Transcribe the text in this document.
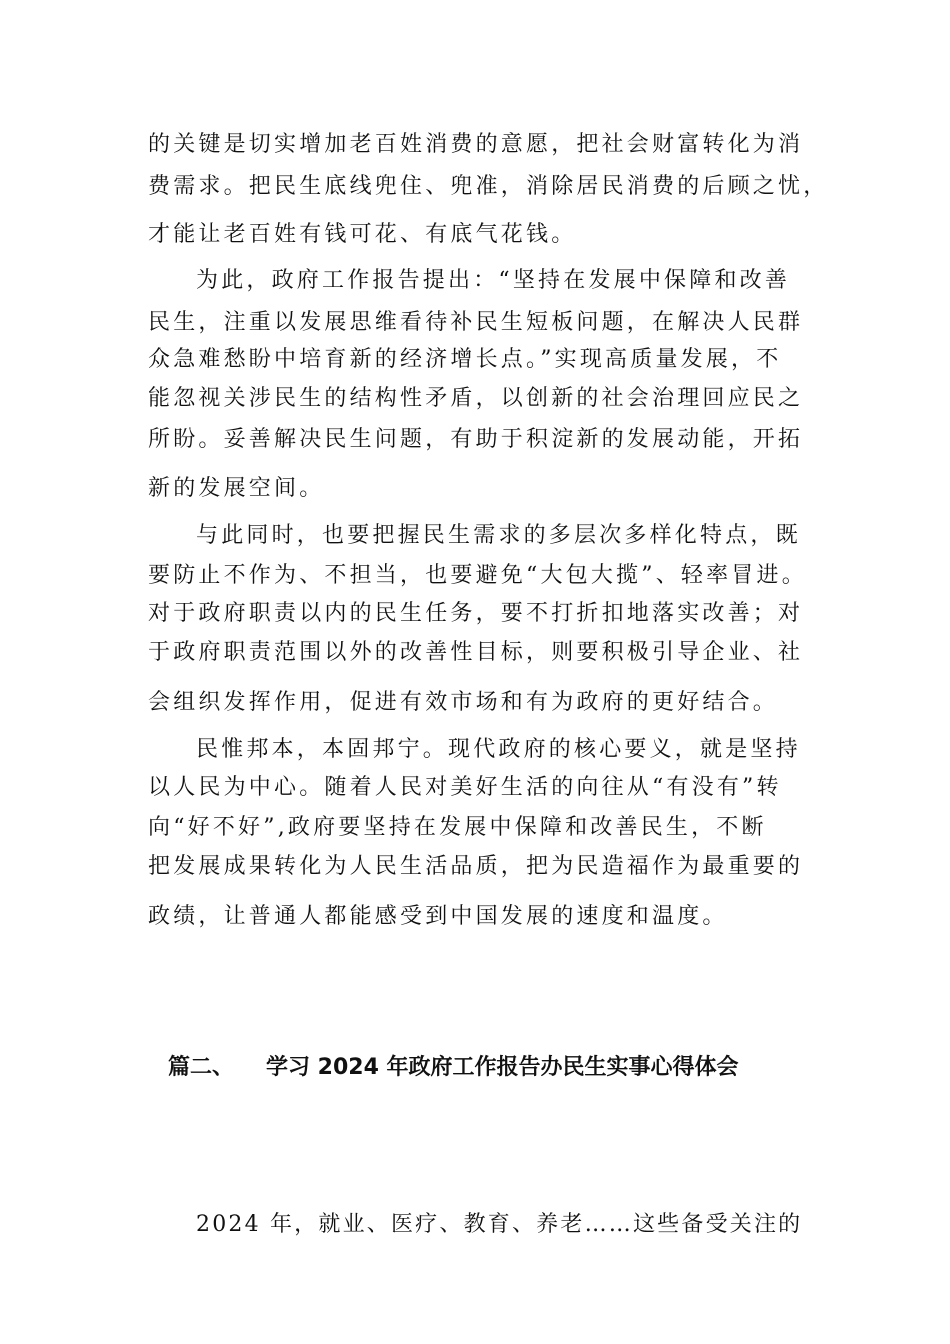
的关键是切实增加老百姓消费的意愿，把社会财富转化为消
费需求。把民生底线兜住、兜准，消除居民消费的后顾之忧，
才能让老百姓有钱可花、有底气花钱。
为此，政府工作报告提出：“坚持在发展中保障和改善
民生，注重以发展思维看待补民生短板问题，在解决人民群
众急难愁盼中培育新的经济增长点。”实现高质量发展，不
能忽视关涉民生的结构性矛盾，以创新的社会治理回应民之
所盼。妥善解决民生问题，有助于积淀新的发展动能，开拓
新的发展空间。
与此同时，也要把握民生需求的多层次多样化特点，既
要防止不作为、不担当，也要避免“大包大揽”、轻率冒进。
对于政府职责以内的民生任务，要不打折扣地落实改善；对
于政府职责范围以外的改善性目标，则要积极引导企业、社
会组织发挥作用，促进有效市场和有为政府的更好结合。
民惟邦本，本固邦宁。现代政府的核心要义，就是坚持
以人民为中心。随着人民对美好生活的向往从“有没有”转
向“好不好”,政府要坚持在发展中保障和改善民生，不断
把发展成果转化为人民生活品质，把为民造福作为最重要的
政绩，让普通人都能感受到中国发展的速度和温度。
篇二、 学习 2024 年政府工作报告办民生实事心得体会
2024 年，就业、医疗、教育、养老……这些备受关注的
